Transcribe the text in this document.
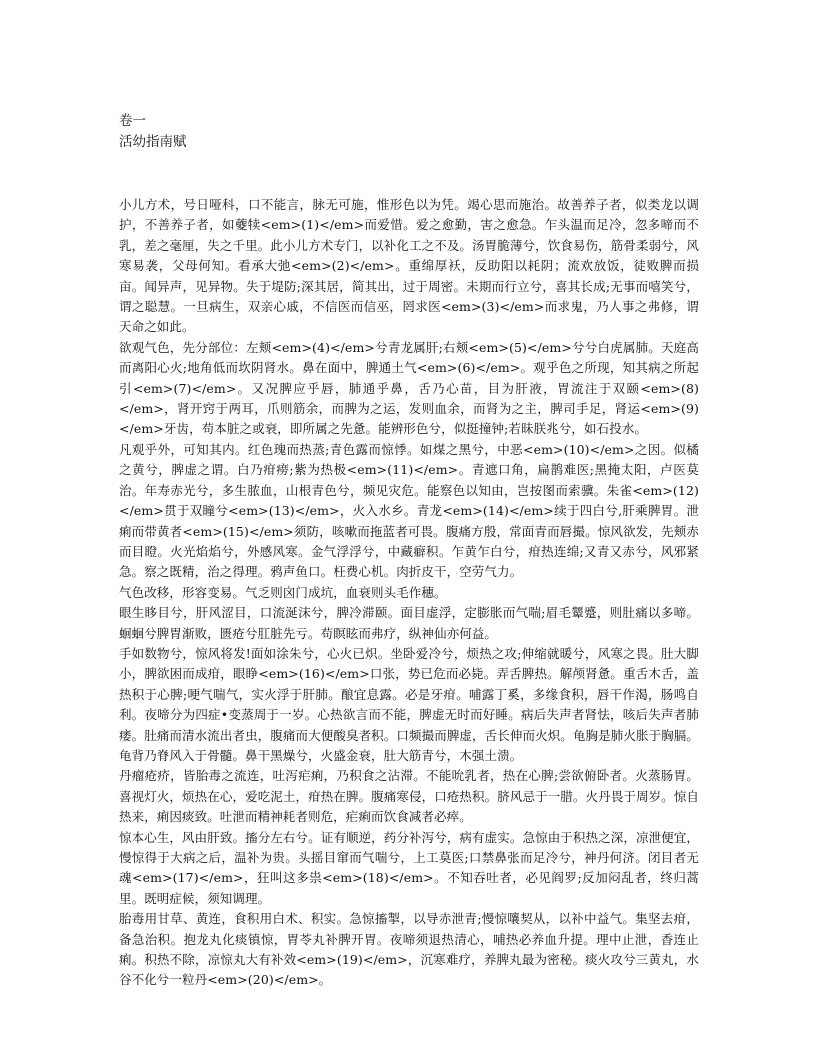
卷一

活幼指南赋

小儿方术，号日哑科，口不能言，脉无可施，惟形色以为凭。竭心思而施治。故善养子者，似类龙以调护，不善养子者，如䕫犊<em>(1)</em>而爱惜。爱之愈勤，害之愈急。乍头温而足冷，忽多啼而不乳，差之毫厘，失之千里。此小儿方术专门，以补化工之不及。汤胃脆薄兮，饮食易伤，筋骨柔弱兮，风寒易袭，父母何知。看承大弛<em>(2)</em>。重绵厚袄，反助阳以耗阴；流欢放饭，徒败脾而损亩。闻异声，见异物。失于堤防;深其居，简其出，过于周密。未期而行立兮，喜其长成;无事而嘻笑兮，谓之聪慧。一旦病生，双亲心戚，不信医而信巫，罔求医<em>(3)</em>而求鬼，乃人事之弗修，谓天命之如此。

欲观气色，先分部位：左颊<em>(4)</em>兮青龙属肝;右颊<em>(5)</em>兮兮白虎属肺。天庭高而离阳心火;地角低而坎阴肾水。鼻在面中，脾通土气<em>(6)</em>。观乎色之所现，知其病之所起引<em>(7)</em>。又况脾应乎唇，肺通乎鼻，舌乃心苗，目为肝液，胃流注于双颐<em>(8)</em>，肾开窍于两耳，爪则筋余，而脾为之运，发则血余，而肾为之主，脾司手足，肾运<em>(9)</em>牙齿，苟本脏之或衰，即所属之先惫。能辨形色兮，似挺撞钟;若昧朕兆兮，如石投水。

凡观乎外，可知其内。红色瑰而热蒸;青色露而惊悸。如煤之黑兮，中恶<em>(10)</em>之因。似橘之黄兮，脾虚之谓。白乃疳痨;紫为热极<em>(11)</em>。青遮口角，扁鹊难医;黑掩太阳，卢医莫治。年寿赤光兮，多生脓血，山根青色兮，频见灾危。能察色以知由，岂按图而索骥。朱雀<em>(12)</em>贯于双瞳兮<em>(13)</em>，火入水乡。青龙<em>(14)</em>续于四白兮,肝乘脾胃。泄痢而带黄者<em>(15)</em>须防，咳嗽而拖蓝者可畏。腹痛方殷，常面青而唇撮。惊风欲发，先颊赤而目瞪。火光焰焰兮，外感风寒。金气浮浮兮，中藏癖积。乍黄乍白兮，疳热连绵;又青又赤兮，风邪紧急。察之既精，治之得理。鸦声鱼口。枉费心机。肉折皮干，空劳气力。

气色改移，形容变易。气乏则囟门成坑，血衰则头毛作穗。

眼生眵目兮，肝风涩目，口流涎沫兮，脾冷滞颐。面目虚浮，定膨胀而气喘;眉毛颦蹙，则肚痛以多啼。蛔蛔兮脾胃渐败，匮疮兮肛脏先亏。苟瞑眩而弗疗，纵神仙亦何益。

手如数物兮，惊风将发!面如涂朱兮，心火已炽。坐卧爱冷兮，烦热之攻;伸缩就暖兮，风寒之畏。肚大脚小，脾欲困而成疳，眼睁<em>(16)</em>口张，势已危而必毙。弄舌脾热。解颅肾惫。重舌木舌，盖热积于心脾;哽气喘气，实火浮于肝肺。酿宜息露。必是牙疳。哺露丁奚，多缘食积，唇干作渴，肠鸣自利。夜啼分为四症•变蒸周于一岁。心热欲言而不能，脾虚无时而好睡。病后失声者肾怯，咳后失声者肺痿。肚痛而清水流出者虫，腹痛而大便酸臭者积。口频撮而脾虚，舌长伸而火炽。龟胸是肺火胀于胸膈。龟背乃脊风入于骨髓。鼻干黑燥兮，火盛金衰，肚大筋青兮，木强土溃。

丹瘤疮疥，皆胎毒之流连，吐泻疟痢，乃积食之沾滞。不能吮乳者，热在心脾;尝欲俯卧者。火蒸肠胃。喜视灯火，烦热在心，爱吃泥土，疳热在脾。腹痛寒侵，口疮热积。脐风忌于一腊。火丹畏于周岁。惊自热来，痢因痰致。吐泄而精神耗者则危，疟痢而饮食减者必瘁。

惊本心生，风由肝致。搐分左右兮。证有顺逆，药分补泻兮，病有虚实。急惊由于积热之深，凉泄便宜，慢惊得于大病之后，温补为贵。头摇目窜而气喘兮，上工莫医;口禁鼻张而足冷兮，神丹何济。闭目者无魂<em>(17)</em>，狂叫这多祟<em>(18)</em>。不知吞吐者，必见阎罗;反加闷乱者，终归蒿里。既明症候，须知调理。

胎毒用甘草、黄连，食积用白术、积实。急惊搐掣，以导赤泄青;慢惊嚷契从，以补中益气。集坚去疳，备急治积。抱龙丸化痰镇惊，胃苓丸补脾开胃。夜啼须退热清心，哺热必养血升提。理中止泄，香连止痢。积热不除，凉惊丸大有补效<em>(19)</em>，沉寒难疗，养脾丸最为密秘。痰火攻兮三黄丸，水谷不化兮一粒丹<em>(20)</em>。
